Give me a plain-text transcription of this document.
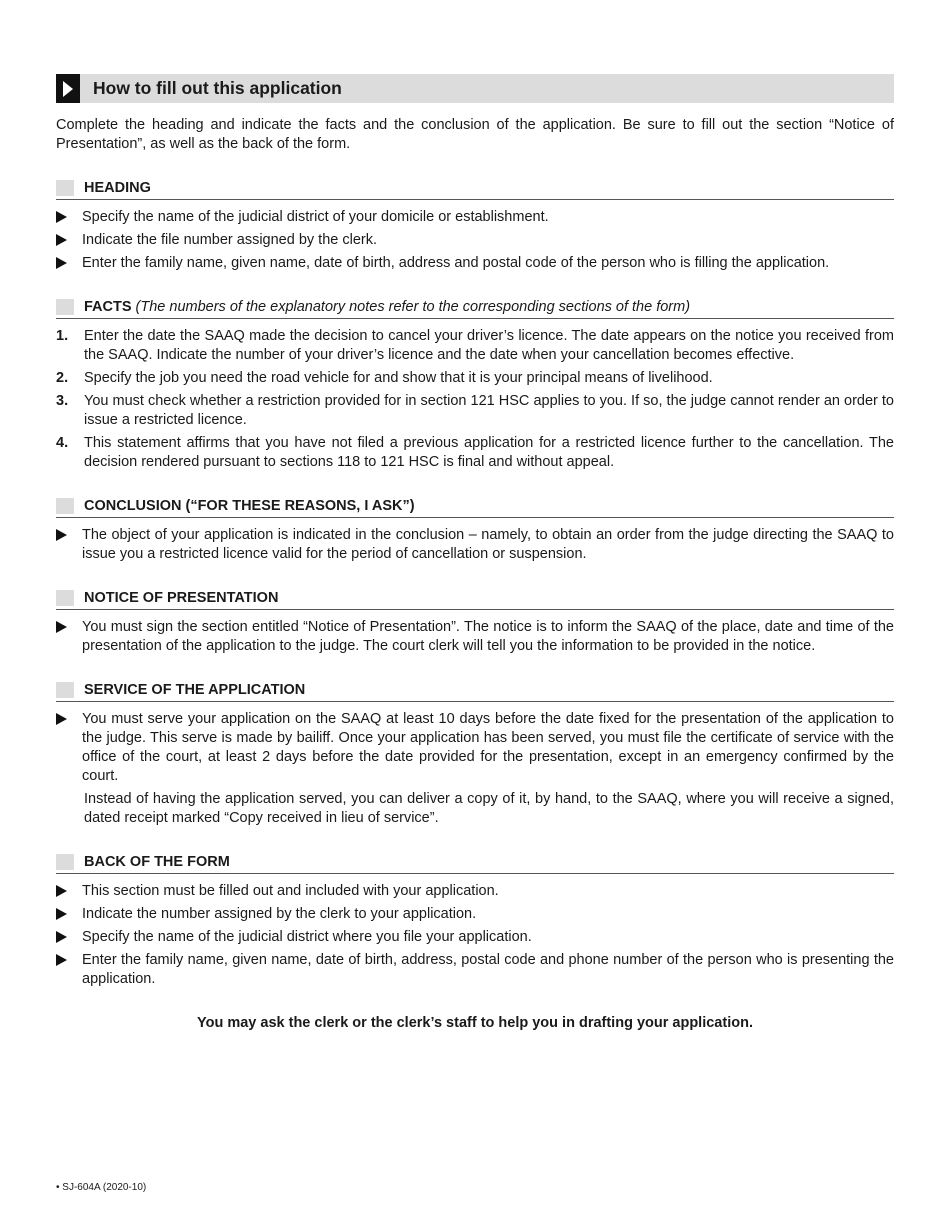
How to fill out this application
Complete the heading and indicate the facts and the conclusion of the application. Be sure to fill out the section “Notice of Presentation”, as well as the back of the form.
HEADING
Specify the name of the judicial district of your domicile or establishment.
Indicate the file number assigned by the clerk.
Enter the family name, given name, date of birth, address and postal code of the person who is filling the application.
FACTS (The numbers of the explanatory notes refer to the corresponding sections of the form)
1.	Enter the date the SAAQ made the decision to cancel your driver’s licence. The date appears on the notice you received from the SAAQ. Indicate the number of your driver’s licence and the date when your cancellation becomes effective.
2.	Specify the job you need the road vehicle for and show that it is your principal means of livelihood.
3.	You must check whether a restriction provided for in section 121 HSC applies to you. If so, the judge cannot render an order to issue a restricted licence.
4.	This statement affirms that you have not filed a previous application for a restricted licence further to the cancellation. The decision rendered pursuant to sections 118 to 121 HSC is final and without appeal.
CONCLUSION (“FOR THESE REASONS, I ASK”)
The object of your application is indicated in the conclusion – namely, to obtain an order from the judge directing the SAAQ to issue you a restricted licence valid for the period of cancellation or suspension.
NOTICE OF PRESENTATION
You must sign the section entitled “Notice of Presentation”. The notice is to inform the SAAQ of the place, date and time of the presentation of the application to the judge. The court clerk will tell you the information to be provided in the notice.
SERVICE OF THE APPLICATION
You must serve your application on the SAAQ at least 10 days before the date fixed for the presentation of the application to the judge. This serve is made by bailiff. Once your application has been served, you must file the certificate of service with the office of the court, at least 2 days before the date provided for the presentation, except in an emergency confirmed by the court.
Instead of having the application served, you can deliver a copy of it, by hand, to the SAAQ, where you will receive a signed, dated receipt marked “Copy received in lieu of service”.
BACK OF THE FORM
This section must be filled out and included with your application.
Indicate the number assigned by the clerk to your application.
Specify the name of the judicial district where you file your application.
Enter the family name, given name, date of birth, address, postal code and phone number of the person who is presenting the application.
You may ask the clerk or the clerk’s staff to help you in drafting your application.
• SJ-604A (2020-10)
